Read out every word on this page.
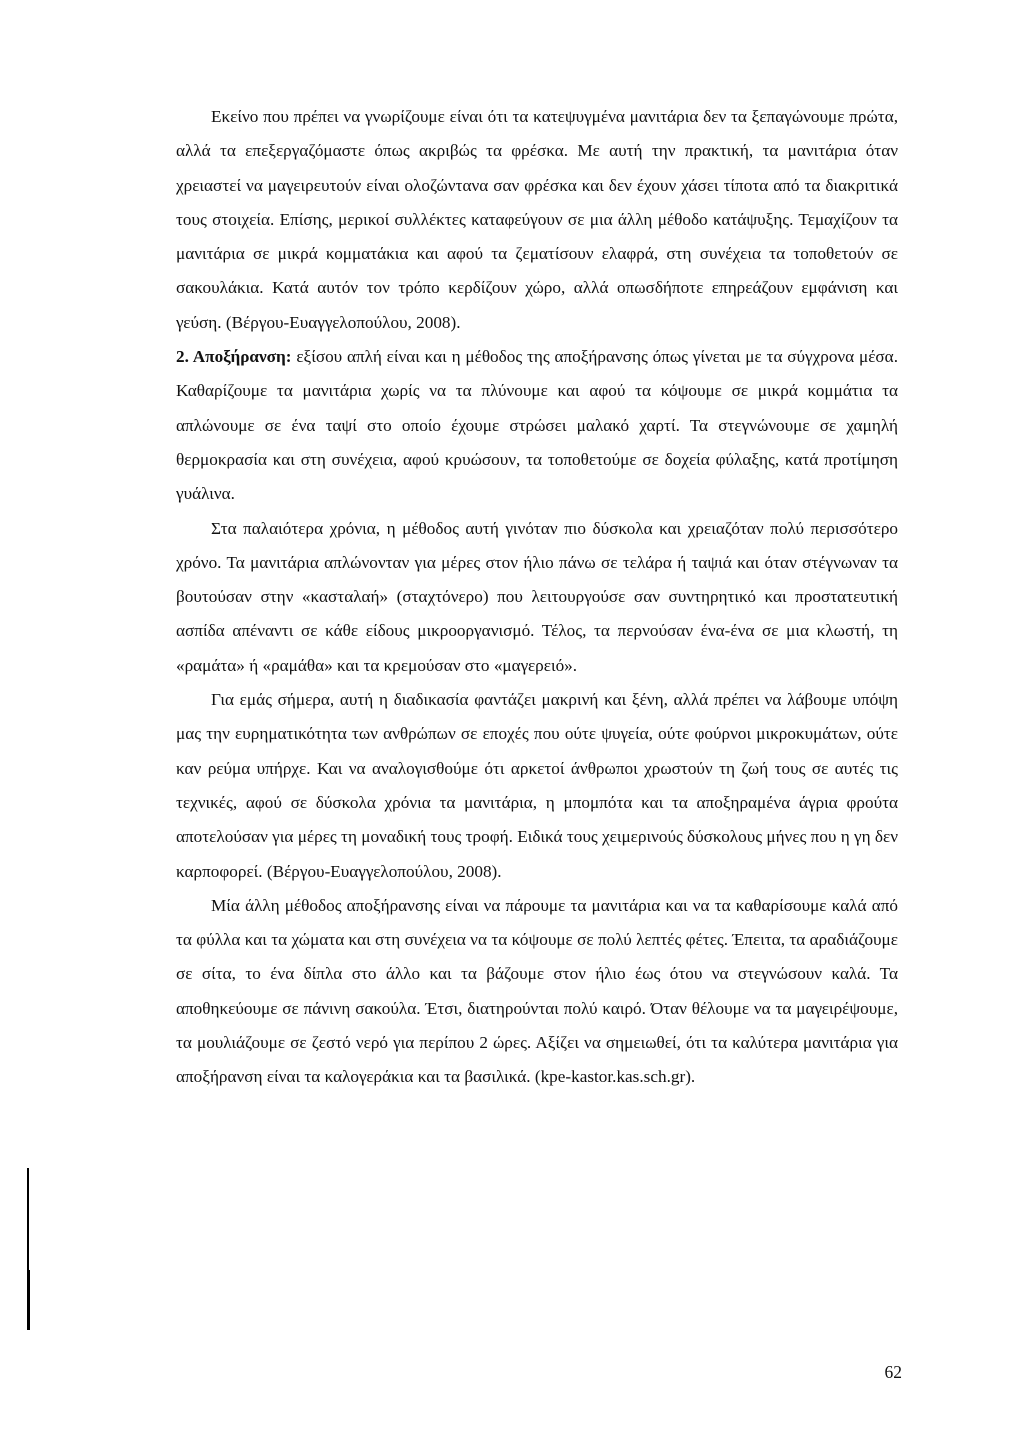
Εκείνο που πρέπει να γνωρίζουμε είναι ότι τα κατεψυγμένα μανιτάρια δεν τα ξεπαγώνουμε πρώτα, αλλά τα επεξεργαζόμαστε όπως ακριβώς τα φρέσκα. Με αυτή την πρακτική, τα μανιτάρια όταν χρειαστεί να μαγειρευτούν είναι ολοζώντανα σαν φρέσκα και δεν έχουν χάσει τίποτα από τα διακριτικά τους στοιχεία. Επίσης, μερικοί συλλέκτες καταφεύγουν σε μια άλλη μέθοδο κατάψυξης. Τεμαχίζουν τα μανιτάρια σε μικρά κομματάκια και αφού τα ζεματίσουν ελαφρά, στη συνέχεια τα τοποθετούν σε σακουλάκια. Κατά αυτόν τον τρόπο κερδίζουν χώρο, αλλά οπωσδήποτε επηρεάζουν εμφάνιση και γεύση. (Βέργου-Ευαγγελοπούλου, 2008).

2. Αποξήρανση: εξίσου απλή είναι και η μέθοδος της αποξήρανσης όπως γίνεται με τα σύγχρονα μέσα. Καθαρίζουμε τα μανιτάρια χωρίς να τα πλύνουμε και αφού τα κόψουμε σε μικρά κομμάτια τα απλώνουμε σε ένα ταψί στο οποίο έχουμε στρώσει μαλακό χαρτί. Τα στεγνώνουμε σε χαμηλή θερμοκρασία και στη συνέχεια, αφού κρυώσουν, τα τοποθετούμε σε δοχεία φύλαξης, κατά προτίμηση γυάλινα.

Στα παλαιότερα χρόνια, η μέθοδος αυτή γινόταν πιο δύσκολα και χρειαζόταν πολύ περισσότερο χρόνο. Τα μανιτάρια απλώνονταν για μέρες στον ήλιο πάνω σε τελάρα ή ταψιά και όταν στέγνωναν τα βουτούσαν στην «κασταλαή» (σταχτόνερο) που λειτουργούσε σαν συντηρητικό και προστατευτική ασπίδα απέναντι σε κάθε είδους μικροοργανισμό. Τέλος, τα περνούσαν ένα-ένα σε μια κλωστή, τη «ραμάτα» ή «ραμάθα» και τα κρεμούσαν στο «μαγερειό».

Για εμάς σήμερα, αυτή η διαδικασία φαντάζει μακρινή και ξένη, αλλά πρέπει να λάβουμε υπόψη μας την ευρηματικότητα των ανθρώπων σε εποχές που ούτε ψυγεία, ούτε φούρνοι μικροκυμάτων, ούτε καν ρεύμα υπήρχε. Και να αναλογισθούμε ότι αρκετοί άνθρωποι χρωστούν τη ζωή τους σε αυτές τις τεχνικές, αφού σε δύσκολα χρόνια τα μανιτάρια, η μπομπότα και τα αποξηραμένα άγρια φρούτα αποτελούσαν για μέρες τη μοναδική τους τροφή. Ειδικά τους χειμερινούς δύσκολους μήνες που η γη δεν καρποφορεί. (Βέργου-Ευαγγελοπούλου, 2008).

Μία άλλη μέθοδος αποξήρανσης είναι να πάρουμε τα μανιτάρια και να τα καθαρίσουμε καλά από τα φύλλα και τα χώματα και στη συνέχεια να τα κόψουμε σε πολύ λεπτές φέτες. Έπειτα, τα αραδιάζουμε σε σίτα, το ένα δίπλα στο άλλο και τα βάζουμε στον ήλιο έως ότου να στεγνώσουν καλά. Τα αποθηκεύουμε σε πάνινη σακούλα. Έτσι, διατηρούνται πολύ καιρό. Όταν θέλουμε να τα μαγειρέψουμε, τα μουλιάζουμε σε ζεστό νερό για περίπου 2 ώρες. Αξίζει να σημειωθεί, ότι τα καλύτερα μανιτάρια για αποξήρανση είναι τα καλογεράκια και τα βασιλικά. (kpe-kastor.kas.sch.gr).

62
